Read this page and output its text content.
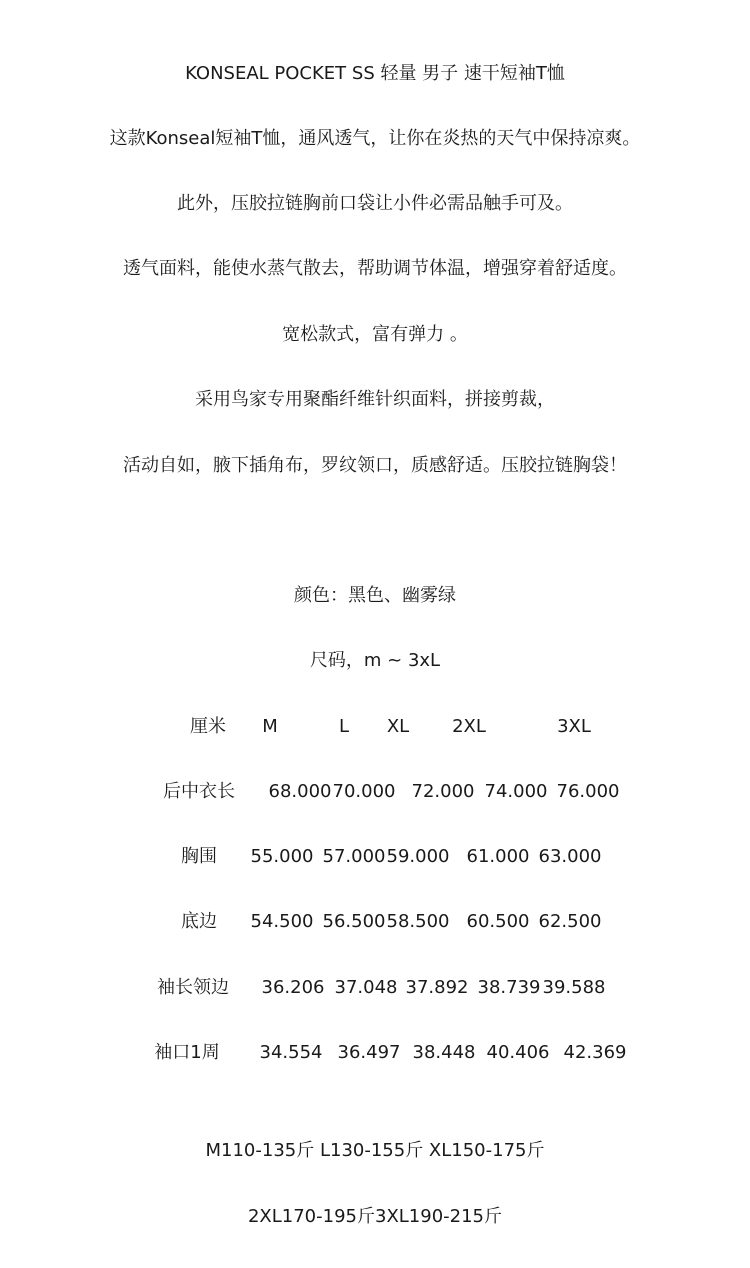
KONSEAL POCKET SS 轻量 男子 速干短袖T恤
这款Konseal短袖T恤，通风透气，让你在炎热的天气中保持凉爽。
此外，压胶拉链胸前口袋让小件必需品触手可及。
透气面料，能使水蒸气散去，帮助调节体温，增强穿着舒适度。
宽松款式，富有弹力 。
采用鸟家专用聚酯纤维针织面料，拼接剪裁，
活动自如，腋下插角布，罗纹领口，质感舒适。压胶拉链胸袋！
颜色：黑色、幽雾绿
尺码，m ~ 3xL
厘米 M	L XL 2XL	3XL
后中衣长 68.000 70.000 72.000 74.000 76.000
胸围 55.000 57.000 59.000 61.000 63.000
底边 54.500 56.500 58.500 60.500 62.500
袖长领边 36.206 37.048 37.892 38.739 39.588
袖口1周 34.554 36.497 38.448 40.406 42.369
M110-135斤 L130-155斤 XL150-175斤
2XL170-195斤3XL190-215斤
